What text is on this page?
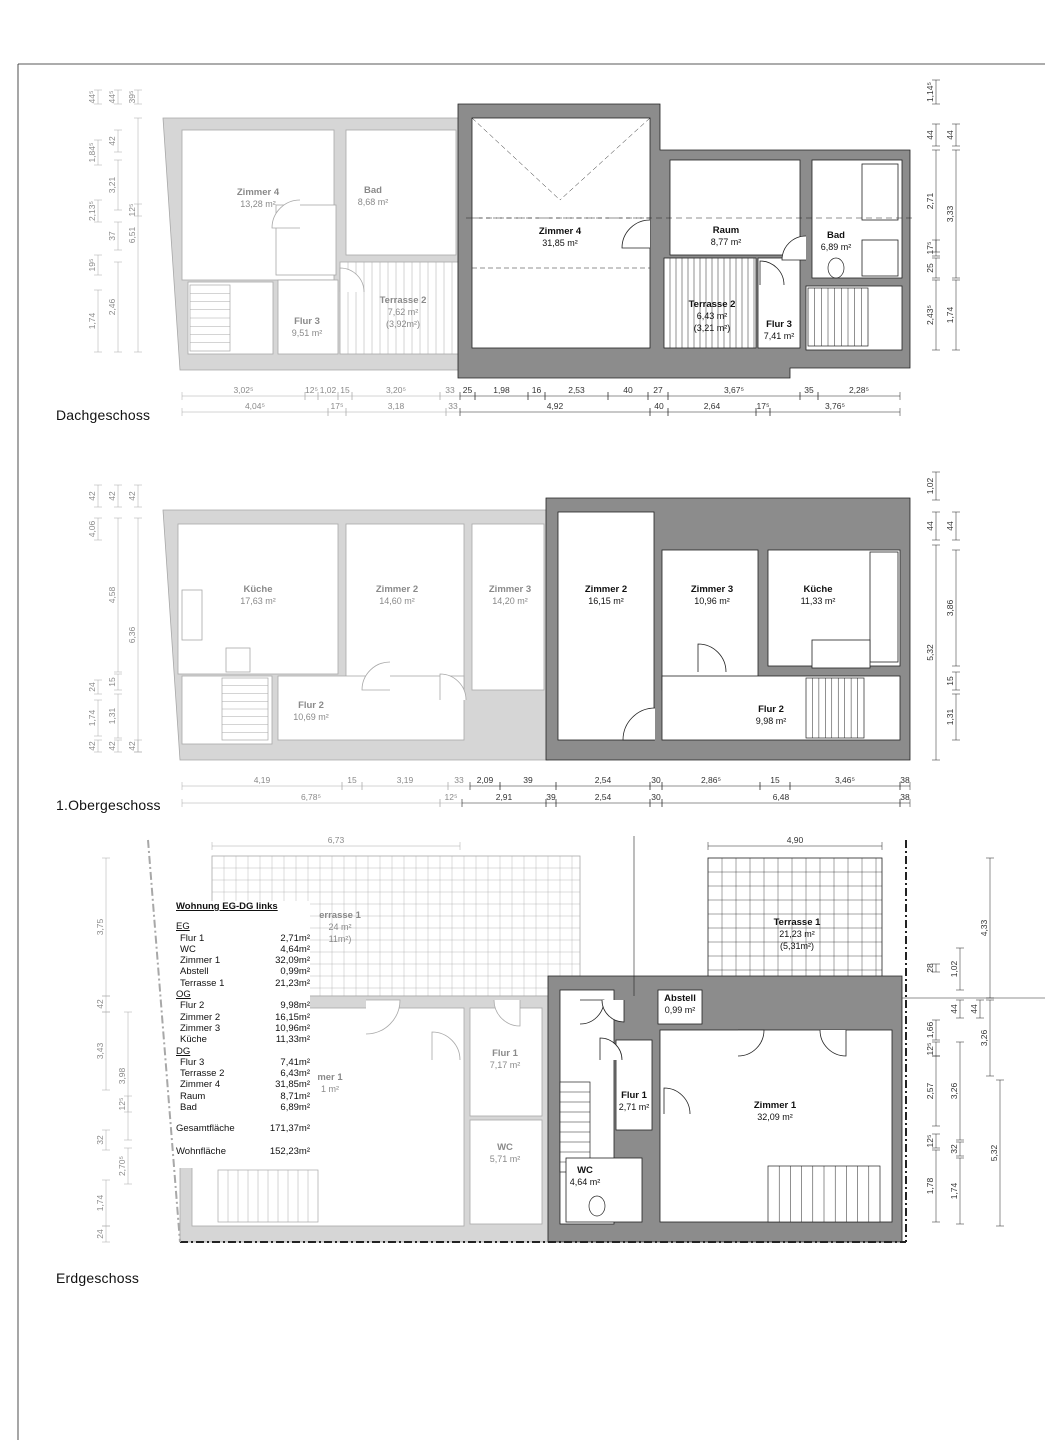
Zimmer 4
13,28 m²
Bad
8,68 m²
Flur 3
9,51 m²
Terrasse 2
7,62 m²
(3,92m²)
Zimmer 4
31,85 m²
Raum
8,77 m²
Bad
6,89 m²
Terrasse 2
6,43 m²
(3,21 m²)	Flur 3
7,41 m²
44⁵
1,84⁵
2,13⁵
19⁵
1,74
44⁵
42
3,21
37
2,46
39⁵
12⁵
6,51
1,14⁵
44
2,71
17⁵
25
2,43⁵
44
3,33
1,74
3,02⁵	12⁵ 1,02 15	3,20⁵	33 25 1,98	16	2,53	40 27	3,67⁵	35	2,28⁵
4,04⁵	17⁵	3,18	33	4,92	40	2,64	17⁵	3,76⁵
Küche
17,63 m²
Zimmer 2
14,60 m²
Zimmer 3
14,20 m²
Flur 2
10,69 m²
Zimmer 2
16,15 m²
Zimmer 3
10,96 m²
Küche
11,33 m²
Flur 2
9,98 m²
42
4,06
24
1,74
42
42
4,58
15
1,31
42
42
6,36
42
1,02
44
5,32
44
3,86
15
1,31
4,19	15	3,19	33 2,09	39	2,54	30	2,86⁵	15	3,46⁵	38
6,78⁵	12⁵	2,91	39	2,54	30	6,48	38
errasse 1
24 m²
11m²)
mer 1
1 m²
Flur 1
7,17 m²
WC
5,71 m²
Terrasse 1
21,23 m²
(5,31m²)
Abstell
0,99 m²
Flur 1
2,71 m²	Zimmer 1
32,09 m²
WC
4,64 m²
6,73	4,90
3,75
42
3,43
32
1,74
24
3,98
12⁵
2,70⁵
4,33
3,26
28
1,66
12⁵
2,57
12⁵
1,78
1,02
44
3,26
32
1,74
44
5,32
Dachgeschoss
1.Obergeschoss
Erdgeschoss
Wohnung EG-DG links
EG
Flur 1	2,71m²
WC	4,64m²
Zimmer 1	32,09m²
Abstell	0,99m²
Terrasse 1	21,23m²
OG
Flur 2	9,98m²
Zimmer 2	16,15m²
Zimmer 3	10,96m²
Küche	11,33m²
DG
Flur 3	7,41m²
Terrasse 2	6,43m²
Zimmer 4	31,85m²
Raum	8,71m²
Bad	6,89m²
Gesamtfläche	171,37m²
Wohnfläche	152,23m²
